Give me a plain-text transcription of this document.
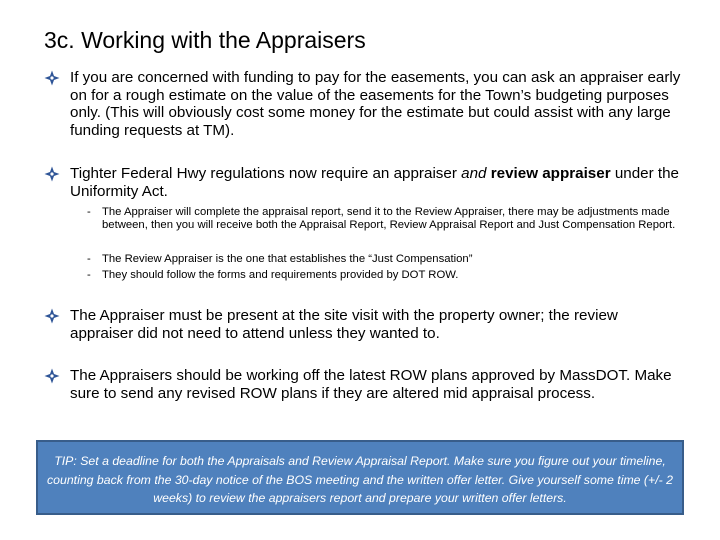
3c. Working with the Appraisers
If you are concerned with funding to pay for the easements, you can ask an appraiser early on for a rough estimate on the value of the easements for the Town’s budgeting purposes only. (This will obviously cost some money for the estimate but could assist with any large funding requests at TM).
Tighter Federal Hwy regulations now require an appraiser and review appraiser under the Uniformity Act.
- The Appraiser will complete the appraisal report, send it to the Review Appraiser, there may be adjustments made between, then you will receive both the Appraisal Report, Review Appraisal Report and Just Compensation Report.
- The Review Appraiser is the one that establishes the “Just Compensation”
- They should follow the forms and requirements provided by DOT ROW.
The Appraiser must be present at the site visit with the property owner; the review appraiser did not need to attend unless they wanted to.
The Appraisers should be working off the latest ROW plans approved by MassDOT. Make sure to send any revised ROW plans if they are altered mid appraisal process.
TIP: Set a deadline for both the Appraisals and Review Appraisal Report. Make sure you figure out your timeline, counting back from the 30-day notice of the BOS meeting and the written offer letter. Give yourself some time (+/- 2 weeks) to review the appraisers report and prepare your written offer letters.
